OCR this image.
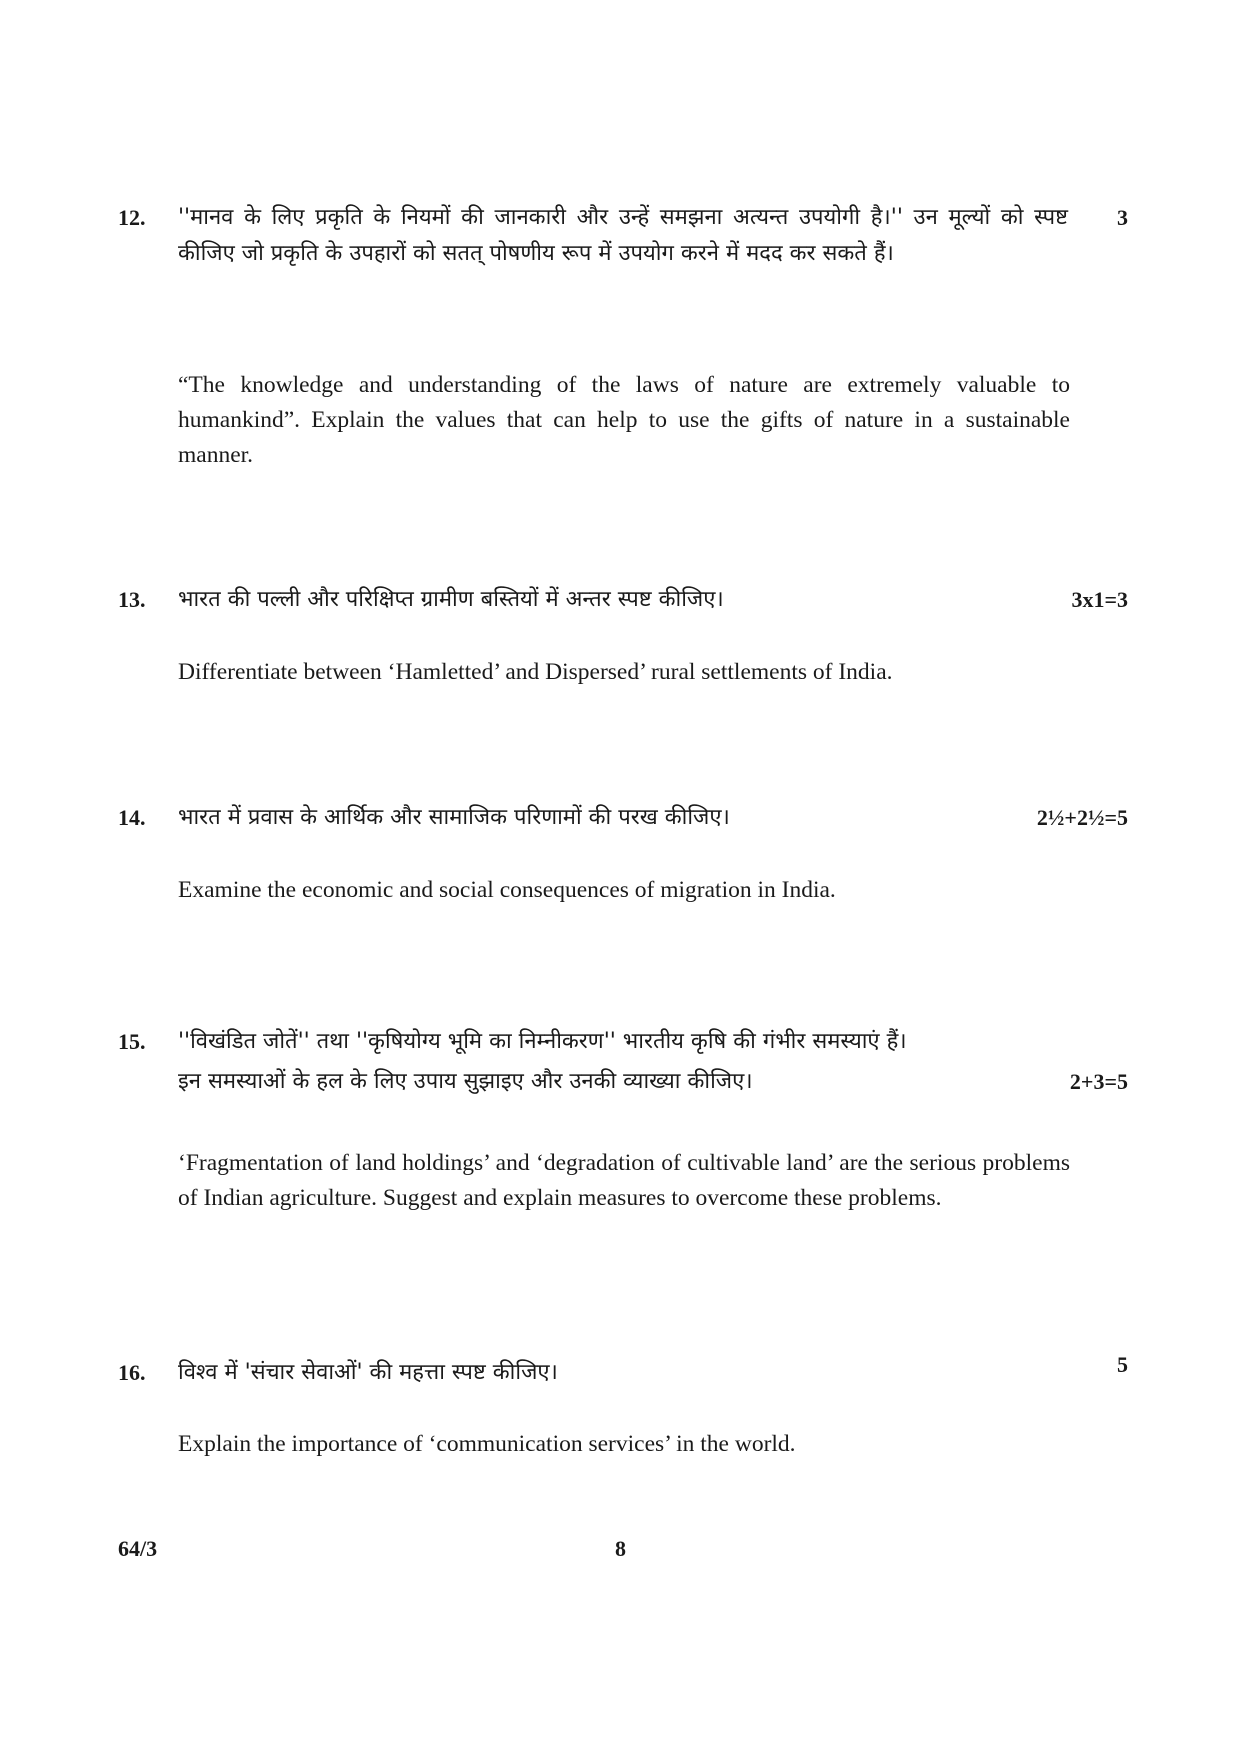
12.	3
''मानव के लिए प्रकृति के नियमों की जानकारी और उन्हें समझना अत्यन्त उपयोगी है।'' उन मूल्यों को स्पष्ट कीजिए जो प्रकृति के उपहारों को सतत् पोषणीय रूप में उपयोग करने में मदद कर सकते हैं।
“The knowledge and understanding of the laws of nature are extremely valuable to humankind”. Explain the values that can help to use the gifts of nature in a sustainable manner.
13.	3x1=3
भारत की पल्ली और परिक्षिप्त ग्रामीण बस्तियों में अन्तर स्पष्ट कीजिए।
Differentiate between ‘Hamletted’ and Dispersed’ rural settlements of India.
14.	2½+2½=5
भारत में प्रवास के आर्थिक और सामाजिक परिणामों की परख कीजिए।
Examine the economic and social consequences of migration in India.
15.
2+3=5
''विखंडित जोतें'' तथा ''कृषियोग्य भूमि का निम्नीकरण'' भारतीय कृषि की गंभीर समस्याएं हैं।
इन समस्याओं के हल के लिए उपाय सुझाइए और उनकी व्याख्या कीजिए।
‘Fragmentation of land holdings’ and ‘degradation of cultivable land’ are the serious problems of Indian agriculture. Suggest and explain measures to overcome these problems.
16.	5
विश्व में 'संचार सेवाओं' की महत्ता स्पष्ट कीजिए।
Explain the importance of ‘communication services’ in the world.
64/3	8
